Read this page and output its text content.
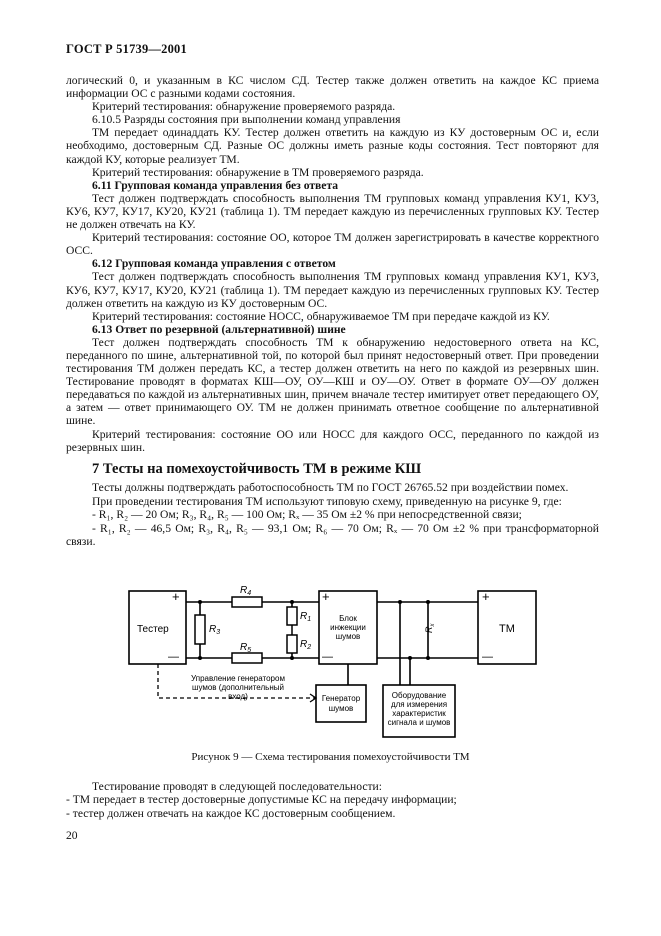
ГОСТ Р 51739—2001

логический 0, и указанным в КС числом СД. Тестер также должен ответить на каждое КС приема информации ОС с разными кодами состояния.

Критерий тестирования: обнаружение проверяемого разряда.

6.10.5 Разряды состояния при выполнении команд управления

ТМ передает одинаддать КУ. Тестер должен ответить на каждую из КУ достоверным ОС и, если необходимо, достоверным СД. Разные ОС должны иметь разные коды состояния. Тест повторяют для каждой КУ, которые реализует ТМ.

Критерий тестирования: обнаружение в ТМ проверяемого разряда.

6.11 Групповая команда управления без ответа

Тест должен подтверждать способность выполнения ТМ групповых команд управления КУ1, КУ3, КУ6, КУ7, КУ17, КУ20, КУ21 (таблица 1). ТМ передает каждую из перечисленных групповых КУ. Тестер не должен отвечать на КУ.

Критерий тестирования: состояние ОО, которое ТМ должен зарегистрировать в качестве корректного ОСС.

6.12 Групповая команда управления с ответом

Тест должен подтверждать способность выполнения ТМ групповых команд управления КУ1, КУ3, КУ6, КУ7, КУ17, КУ20, КУ21 (таблица 1). ТМ передает каждую из перечисленных групповых КУ. Тестер должен ответить на каждую из КУ достоверным ОС.

Критерий тестирования: состояние НОСС, обнаруживаемое ТМ при передаче каждой из КУ.

6.13 Ответ по резервной (альтернативной) шине

Тест должен подтверждать способность ТМ к обнаружению недостоверного ответа на КС, переданного по шине, альтернативной той, по которой был принят недостоверный ответ. При проведении тестирования ТМ должен передать КС, а тестер должен ответить на него по каждой из резервных шин. Тестирование проводят в форматах КШ—ОУ, ОУ—КШ и ОУ—ОУ. Ответ в формате ОУ—ОУ должен передаваться по каждой из альтернативных шин, причем вначале тестер имитирует ответ передающего ОУ, а затем — ответ принимающего ОУ. ТМ не должен принимать ответное сообщение по альтернативной шине.

Критерий тестирования: состояние ОО или НОСС для каждого ОСС, переданного по каждой из резервных шин.

7 Тесты на помехоустойчивость ТМ в режиме КШ

Тесты должны подтверждать работоспособность ТМ по ГОСТ 26765.52 при воздействии помех.

При проведении тестирования ТМ используют типовую схему, приведенную на рисунке 9, где:

- R₁, R₂ — 20 Ом; R₃, R₄, R₅ — 100 Ом; Rₓ — 35 Ом ±2 % при непосредственной связи;

- R₁, R₂ — 46,5 Ом; R₃, R₄, R₅ — 93,1 Ом; R₆ — 70 Ом; Rₓ — 70 Ом ±2 % при трансформаторной связи.

+
—
Тестер
+
—
Блок
инжекции
шумов
+
—
ТМ
$R_4$
$R_5$
$R_3$
$R_1$
$R_2$
$R_x$
Управление генератором
шумов (дополнительный
вход)	Генератор
шумов
Оборудование
для измерения
характеристик
сигнала и шумов
Рисунок 9 — Схема тестирования помехоустойчивости ТМ

Тестирование проводят в следующей последовательности:

- ТМ передает в тестер достоверные допустимые КС на передачу информации;

- тестер должен отвечать на каждое КС достоверным сообщением.

20
